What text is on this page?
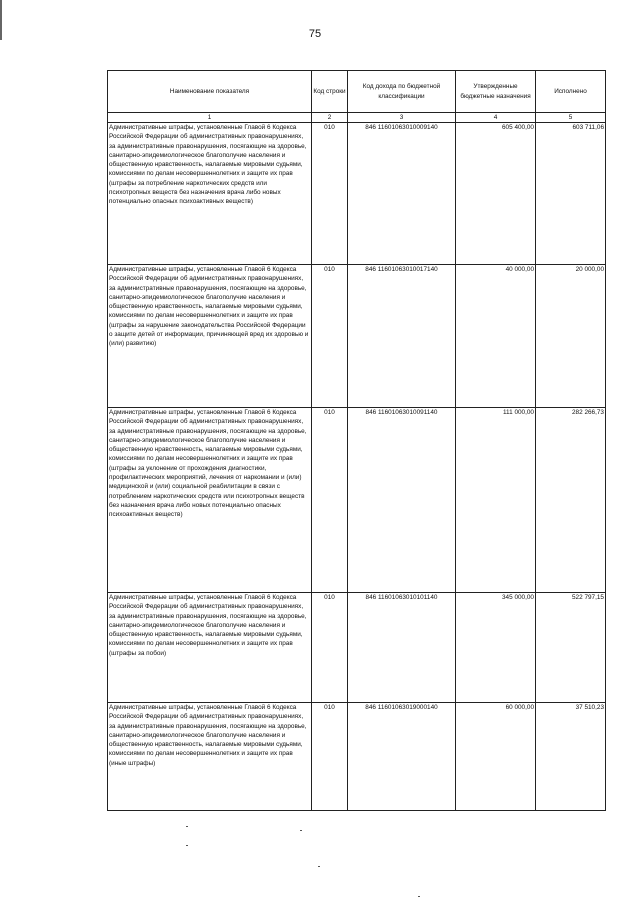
75
Наименование показателя	Код строки	Код дохода по бюджетной классификации	Утвержденные бюджетные назначения	Исполнено
1	2	3	4	5
Административные штрафы, установленные Главой 6 Кодекса Российской Федерации об административных правонарушениях, за административные правонарушения, посягающие на здоровье, санитарно-эпидемиологическое благополучие населения и общественную нравственность, налагаемые мировыми судьями, комиссиями по делам несовершеннолетних и защите их прав (штрафы за потребление наркотических средств или психотропных веществ без назначения врача либо новых потенциально опасных психоактивных веществ)	010	846 11601063010009140	605 400,00	603 711,06
Административные штрафы, установленные Главой 6 Кодекса Российской Федерации об административных правонарушениях, за административные правонарушения, посягающие на здоровье, санитарно-эпидемиологическое благополучие населения и общественную нравственность, налагаемые мировыми судьями, комиссиями по делам несовершеннолетних и защите их прав (штрафы за нарушение законодательства Российской Федерации о защите детей от информации, причиняющей вред их здоровью и (или) развитию)	010	846 11601063010017140	40 000,00	20 000,00
Административные штрафы, установленные Главой 6 Кодекса Российской Федерации об административных правонарушениях, за административные правонарушения, посягающие на здоровье, санитарно-эпидемиологическое благополучие населения и общественную нравственность, налагаемые мировыми судьями, комиссиями по делам несовершеннолетних и защите их прав (штрафы за уклонение от прохождения диагностики, профилактических мероприятий, лечения от наркомании и (или) медицинской и (или) социальной реабилитации в связи с потреблением наркотических средств или психотропных веществ без назначения врача либо новых потенциально опасных психоактивных веществ)	010	846 11601063010091140	111 000,00	282 266,73
Административные штрафы, установленные Главой 6 Кодекса Российской Федерации об административных правонарушениях, за административные правонарушения, посягающие на здоровье, санитарно-эпидемиологическое благополучие населения и общественную нравственность, налагаемые мировыми судьями, комиссиями по делам несовершеннолетних и защите их прав (штрафы за побои)	010	846 11601063010101140	345 000,00	522 797,15
Административные штрафы, установленные Главой 6 Кодекса Российской Федерации об административных правонарушениях, за административные правонарушения, посягающие на здоровье, санитарно-эпидемиологическое благополучие населения и общественную нравственность, налагаемые мировыми судьями, комиссиями по делам несовершеннолетних и защите их прав (иные штрафы)	010	846 11601063019000140	60 000,00	37 510,23
